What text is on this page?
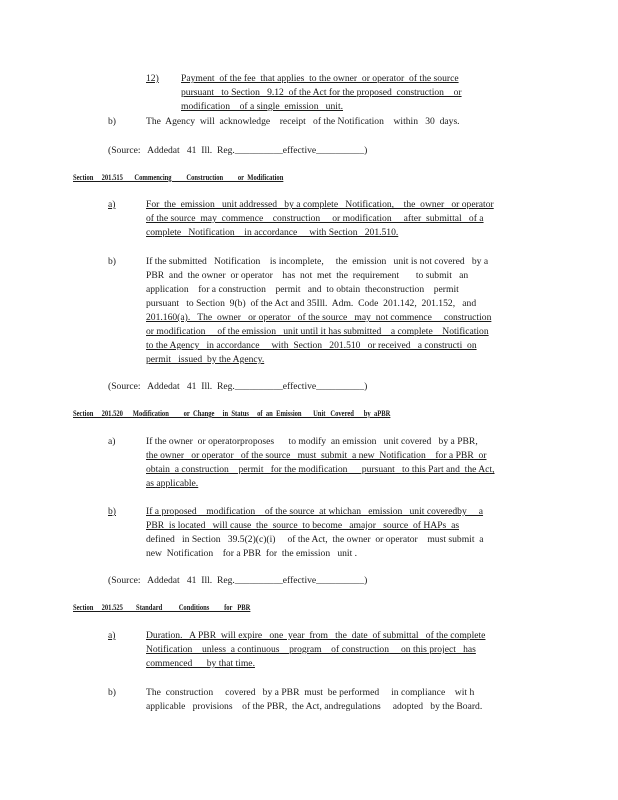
12) Payment  of the fee  that applies  to the owner  or operator  of the source
pursuant   to Section   9.12  of the Act for the proposed  construction    or
modification    of a single  emission   unit.
b)	The  Agency  will  acknowledge    receipt   of the Notification    within   30  days.
(Source:   Addedat   41  Ill.  Reg.__________effective__________)
Section     201.515       Commencing         Construction         or  Modification
a)	For  the  emission   unit addressed   by a complete   Notification,    the  owner   or operator
of the source  may  commence    construction     or modification     after  submittal   of a
complete   Notification    in accordance     with Section   201.510.
b)	If the submitted   Notification    is incomplete,     the  emission   unit is not covered   by a
PBR  and  the owner  or operator    has  not  met  the  requirement       to submit   an
application    for a construction    permit   and  to obtain  theconstruction    permit
pursuant   to Section  9(b)  of the Act and 35Ill.  Adm.  Code  201.142,  201.152,   and
201.160(a).   The  owner   or operator   of the source   may  not commence     construction
or modification     of the emission   unit until it has submitted    a complete    Notification
to the Agency   in accordance     with  Section   201.510   or received   a constructi  on
permit   issued  by the Agency.
(Source:   Addedat   41  Ill.  Reg.__________effective__________)
Section     201.520      Modification         or  Change     in  Status     of  an  Emission       Unit   Covered      by  aPBR
a)	If the owner  or operatorproposes      to modify  an emission   unit covered   by a PBR,
the owner   or operator   of the source   must  submit  a new  Notification    for a PBR  or
obtain  a construction    permit   for the modification      pursuant   to this Part and  the Act,
as applicable.
b)	If a proposed    modification    of the source  at whichan   emission   unit coveredby     a
PBR  is located   will cause  the  source  to become   amajor   source  of HAPs  as
defined   in Section   39.5(2)(c)(i)     of the Act,  the owner  or operator    must submit  a
new  Notification    for a PBR  for  the emission   unit .
(Source:   Addedat   41  Ill.  Reg.__________effective__________)
Section     201.525        Standard          Conditions         for   PBR
a)	Duration.   A PBR  will expire   one  year  from   the  date  of submittal   of the complete
Notification    unless  a continuous    program    of construction     on this project   has
commenced      by that time.
b)	The  construction     covered   by a PBR  must  be performed     in compliance    wit h
applicable   provisions    of the PBR,  the Act, andregulations     adopted   by the Board.
